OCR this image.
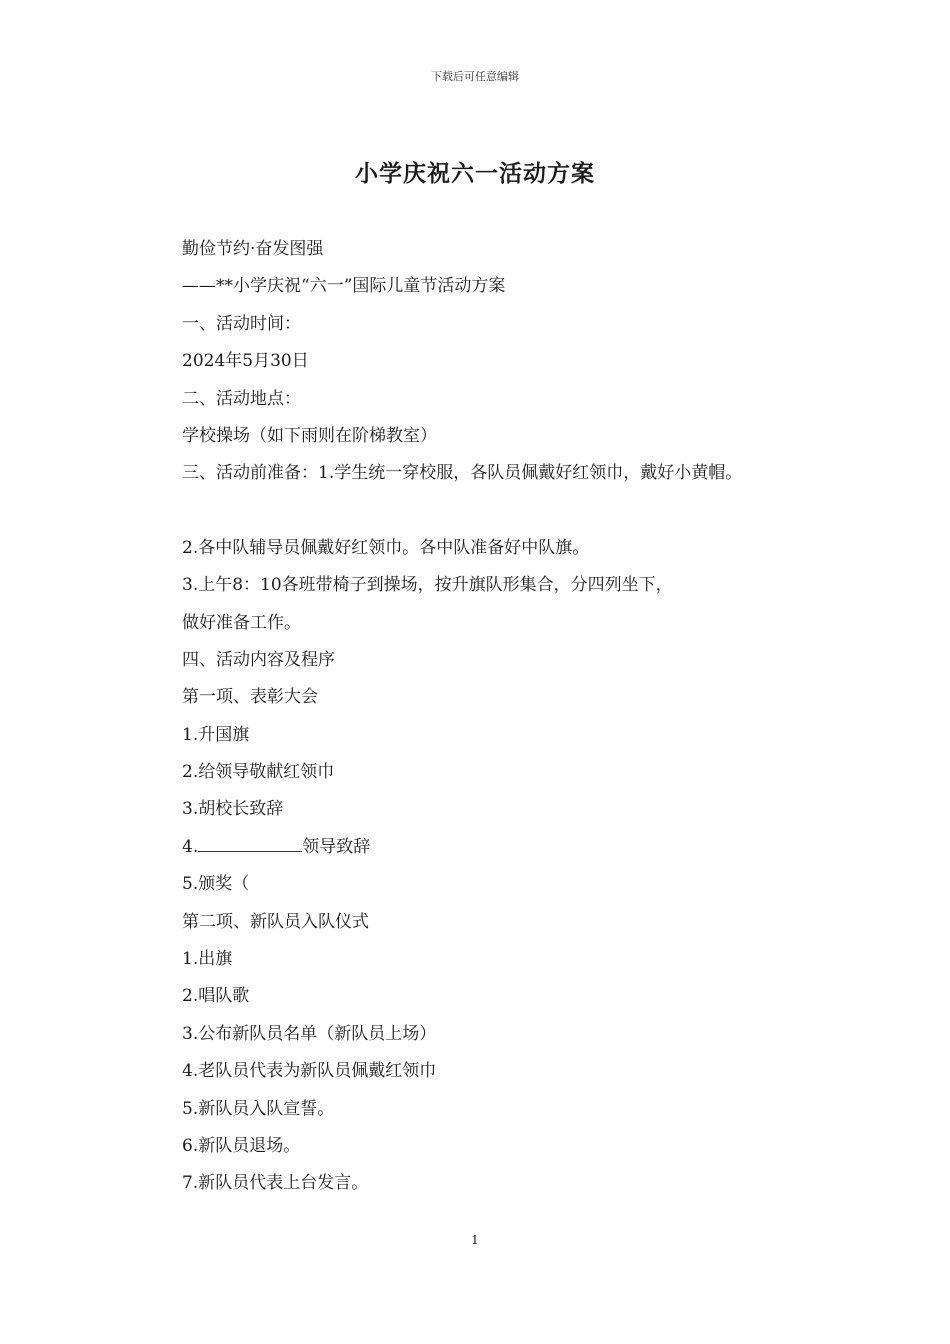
下载后可任意编辑
小学庆祝六一活动方案
勤俭节约·奋发图强
——**小学庆祝“六一”国际儿童节活动方案
一、活动时间：
2024年5月30日
二、活动地点：
学校操场（如下雨则在阶梯教室）
三、活动前准备：1.学生统一穿校服，各队员佩戴好红领巾，戴好小黄帽。
2.各中队辅导员佩戴好红领巾。各中队准备好中队旗。
3.上午8：10各班带椅子到操场，按升旗队形集合，分四列坐下，
做好准备工作。
四、活动内容及程序
第一项、表彰大会
1.升国旗
2.给领导敬献红领巾
3.胡校长致辞
4.	领导致辞
5.颁奖（
第二项、新队员入队仪式
1.出旗
2.唱队歌
3.公布新队员名单（新队员上场）
4.老队员代表为新队员佩戴红领巾
5.新队员入队宣誓。
6.新队员退场。
7.新队员代表上台发言。
1
